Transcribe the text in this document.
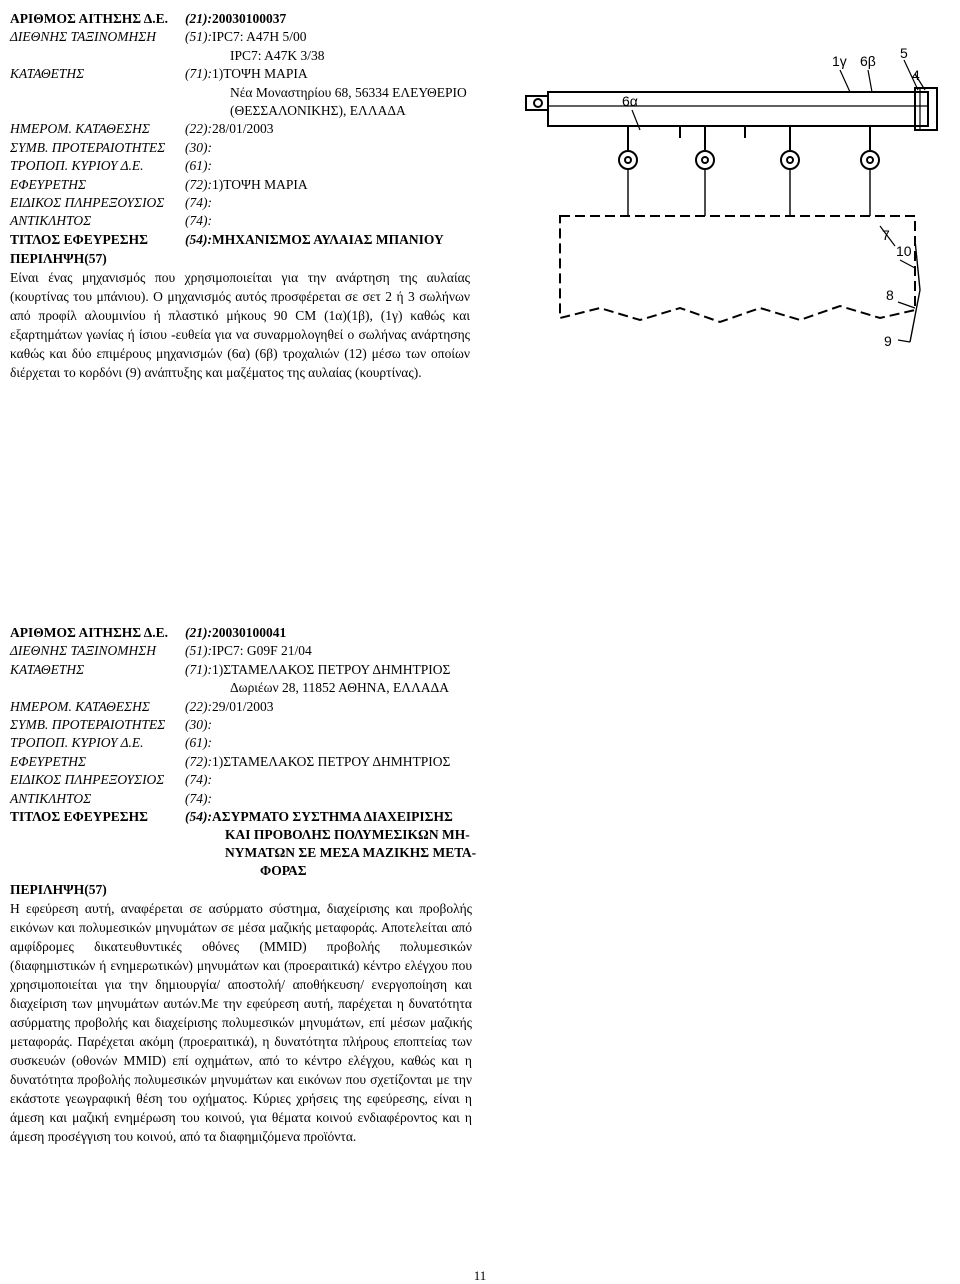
ΑΡΙΘΜΟΣ ΑΙΤΗΣΗΣ Δ.Ε.	(21):20030100037
ΔΙΕΘΝΗΣ ΤΑΞΙΝΟΜΗΣΗ	(51):IPC7: A47H 5/00
IPC7: A47K 3/38
ΚΑΤΑΘΕΤΗΣ	(71):1)ΤΟΨΗ ΜΑΡΙΑ
Νέα Μοναστηρίου 68, 56334 ΕΛΕΥΘΕΡΙΟ
(ΘΕΣΣΑΛΟΝΙΚΗΣ), ΕΛΛΑΔΑ
ΗΜΕΡΟΜ. ΚΑΤΑΘΕΣΗΣ	(22):28/01/2003
ΣΥΜΒ. ΠΡΟΤΕΡΑΙΟΤΗΤΕΣ	(30):
ΤΡΟΠΟΠ. ΚΥΡΙΟΥ Δ.Ε.	(61):
ΕΦΕΥΡΕΤΗΣ	(72):1)ΤΟΨΗ ΜΑΡΙΑ
ΕΙΔΙΚΟΣ ΠΛΗΡΕΞΟΥΣΙΟΣ	(74):
ΑΝΤΙΚΛΗΤΟΣ	(74):
ΤΙΤΛΟΣ ΕΦΕΥΡΕΣΗΣ	(54):ΜΗΧΑΝΙΣΜΟΣ ΑΥΛΑΙΑΣ ΜΠΑΝΙΟΥ
ΠΕΡΙΛΗΨΗ(57)

Είναι ένας μηχανισμός που χρησιμοποιείται για την ανάρτηση της αυλαίας (κουρτίνας του μπάνιου). Ο μηχανισμός αυτός προσφέρεται σε σετ 2 ή 3 σωλήνων από προφίλ αλουμινίου ή πλαστικό μήκους 90 CM (1α)(1β), (1γ) καθώς και εξαρτημάτων γωνίας ή ίσιου -ευθεία για να συναρμολογηθεί ο σωλήνας ανάρτησης καθώς και δύο επιμέρους μηχανισμών (6α) (6β) τροχαλιών (12) μέσω των οποίων διέρχεται το κορδόνι (9) ανάπτυξης και μαζέματος της αυλαίας (κουρτίνας).

5
4
1γ 6β
6α
7
10
8
9
ΑΡΙΘΜΟΣ ΑΙΤΗΣΗΣ Δ.Ε.	(21):20030100041
ΔΙΕΘΝΗΣ ΤΑΞΙΝΟΜΗΣΗ	(51):IPC7: G09F 21/04
ΚΑΤΑΘΕΤΗΣ	(71):1)ΣΤΑΜΕΛΑΚΟΣ ΠΕΤΡΟΥ ΔΗΜΗΤΡΙΟΣ
Δωριέων 28, 11852 ΑΘΗΝΑ, ΕΛΛΑΔΑ
ΗΜΕΡΟΜ. ΚΑΤΑΘΕΣΗΣ	(22):29/01/2003
ΣΥΜΒ. ΠΡΟΤΕΡΑΙΟΤΗΤΕΣ	(30):
ΤΡΟΠΟΠ. ΚΥΡΙΟΥ Δ.Ε.	(61):
ΕΦΕΥΡΕΤΗΣ	(72):1)ΣΤΑΜΕΛΑΚΟΣ ΠΕΤΡΟΥ ΔΗΜΗΤΡΙΟΣ
ΕΙΔΙΚΟΣ ΠΛΗΡΕΞΟΥΣΙΟΣ	(74):
ΑΝΤΙΚΛΗΤΟΣ	(74):
ΤΙΤΛΟΣ ΕΦΕΥΡΕΣΗΣ	(54):ΑΣΥΡΜΑΤΟ ΣΥΣΤΗΜΑ ΔΙΑΧΕΙΡΙΣΗΣ
ΚΑΙ ΠΡΟΒΟΛΗΣ ΠΟΛΥΜΕΣΙΚΩΝ ΜΗ-
ΝΥΜΑΤΩΝ ΣΕ ΜΕΣΑ ΜΑΖΙΚΗΣ ΜΕΤΑ-
ΦΟΡΑΣ
ΠΕΡΙΛΗΨΗ(57)

Η εφεύρεση αυτή, αναφέρεται σε ασύρματο σύστημα, διαχείρισης και προβολής εικόνων και πολυμεσικών μηνυμάτων σε μέσα μαζικής μεταφοράς. Αποτελείται από αμφίδρομες δικατευθυντικές οθόνες (MMID) προβολής πολυμεσικών (διαφημιστικών ή ενημερωτικών) μηνυμάτων και (προεραιτικά) κέντρο ελέγχου που χρησιμοποιείται για την δημιουργία/ αποστολή/ αποθήκευση/ ενεργοποίηση και διαχείριση των μηνυμάτων αυτών.Με την εφεύρεση αυτή, παρέχεται η δυνατότητα ασύρματης προβολής και διαχείρισης πολυμεσικών μηνυμάτων, επί μέσων μαζικής μεταφοράς. Παρέχεται ακόμη (προεραιτικά), η δυνατότητα πλήρους εποπτείας των συσκευών (οθονών MMID) επί οχημάτων, από το κέντρο ελέγχου, καθώς και η δυνατότητα προβολής πολυμεσικών μηνυμάτων και εικόνων που σχετίζονται με την εκάστοτε γεωγραφική θέση του οχήματος. Κύριες χρήσεις της εφεύρεσης, είναι η άμεση και μαζική ενημέρωση του κοινού, για θέματα κοινού ενδιαφέροντος και η άμεση προσέγγιση του κοινού, από τα διαφημιζόμενα προϊόντα.

11
